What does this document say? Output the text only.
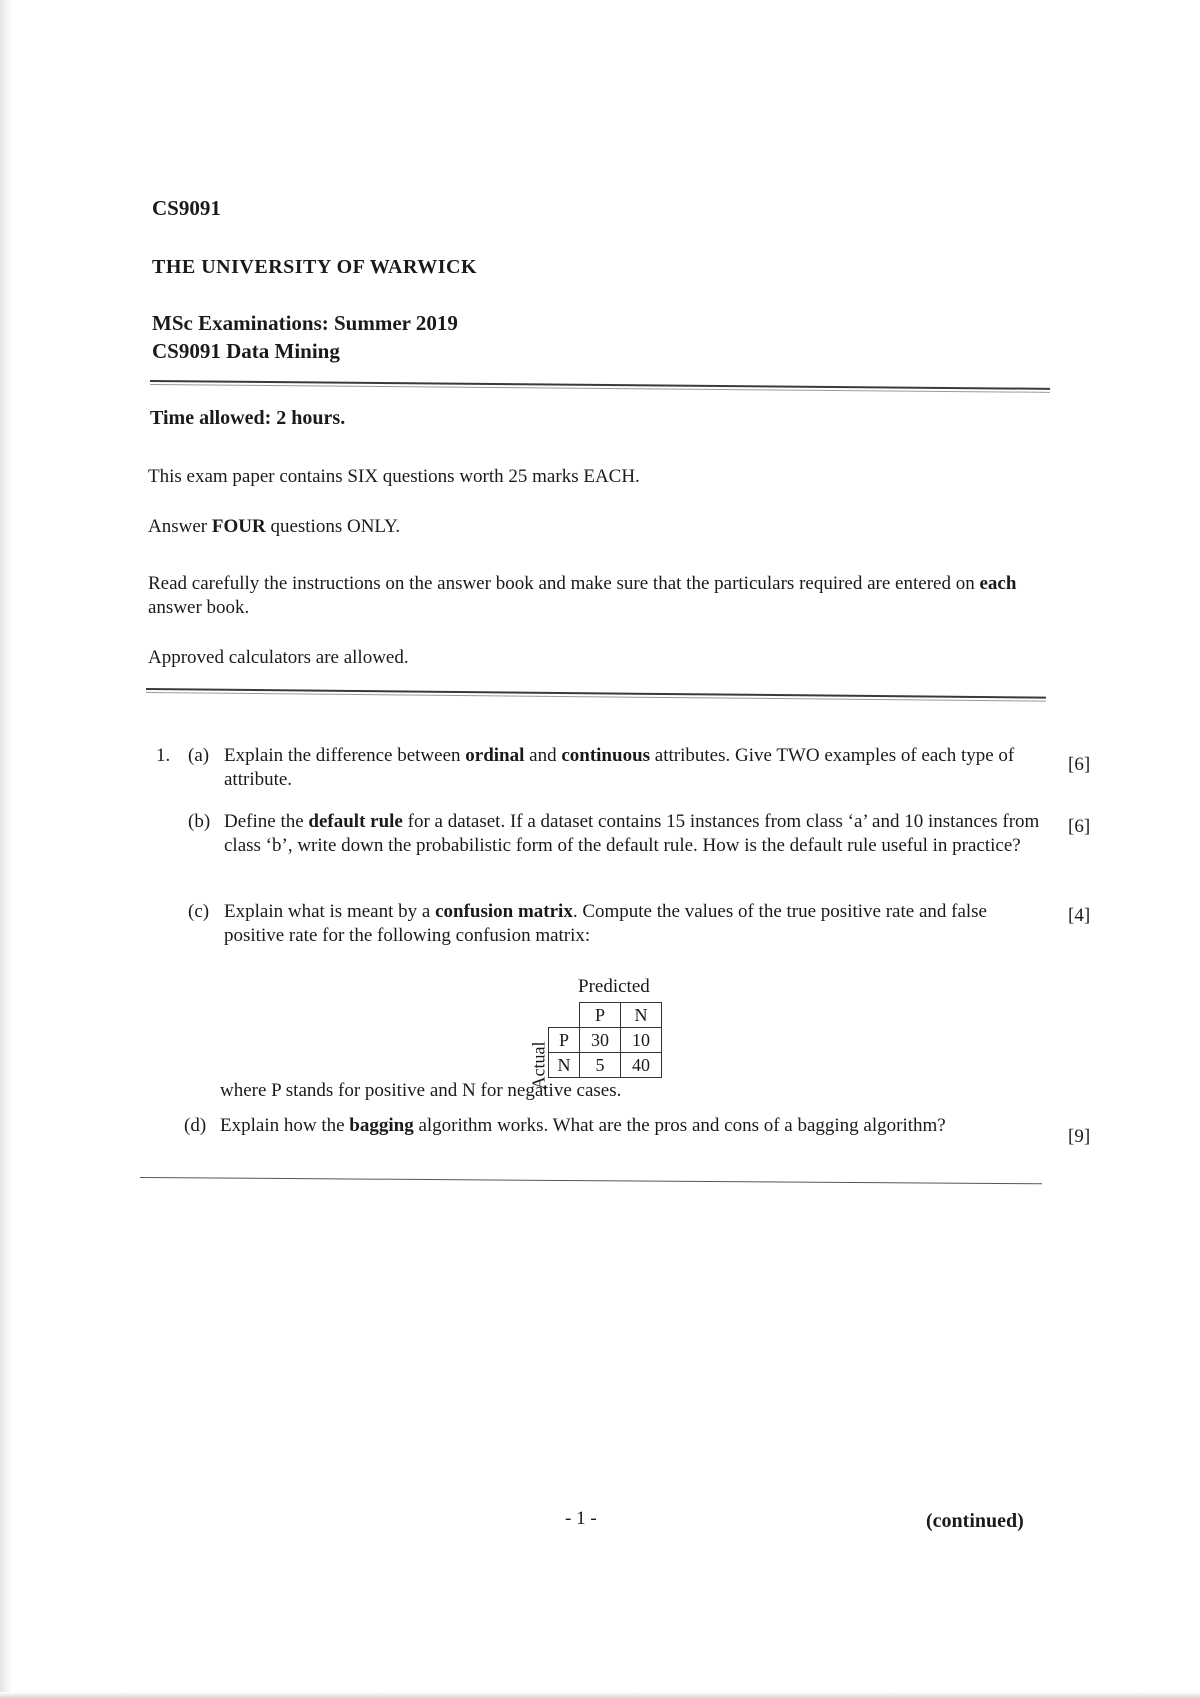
CS9091
THE UNIVERSITY OF WARWICK
MSc Examinations: Summer 2019
CS9091 Data Mining
Time allowed: 2 hours.
This exam paper contains SIX questions worth 25 marks EACH.
Answer FOUR questions ONLY.
Read carefully the instructions on the answer book and make sure that the particulars required are entered on each answer book.
Approved calculators are allowed.
1. (a) Explain the difference between ordinal and continuous attributes. Give TWO examples of each type of attribute.
[6]
(b) Define the default rule for a dataset. If a dataset contains 15 instances from class ‘a’ and 10 instances from class ‘b’, write down the probabilistic form of the default rule. How is the default rule useful in practice?
[6]
(c) Explain what is meant by a confusion matrix. Compute the values of the true positive rate and false positive rate for the following confusion matrix:
[4]
Predicted
Actual
	P	N
P	30	10
N	5	40
where P stands for positive and N for negative cases.
(d) Explain how the bagging algorithm works. What are the pros and cons of a bagging algorithm?
[9]
- 1 -	(continued)
